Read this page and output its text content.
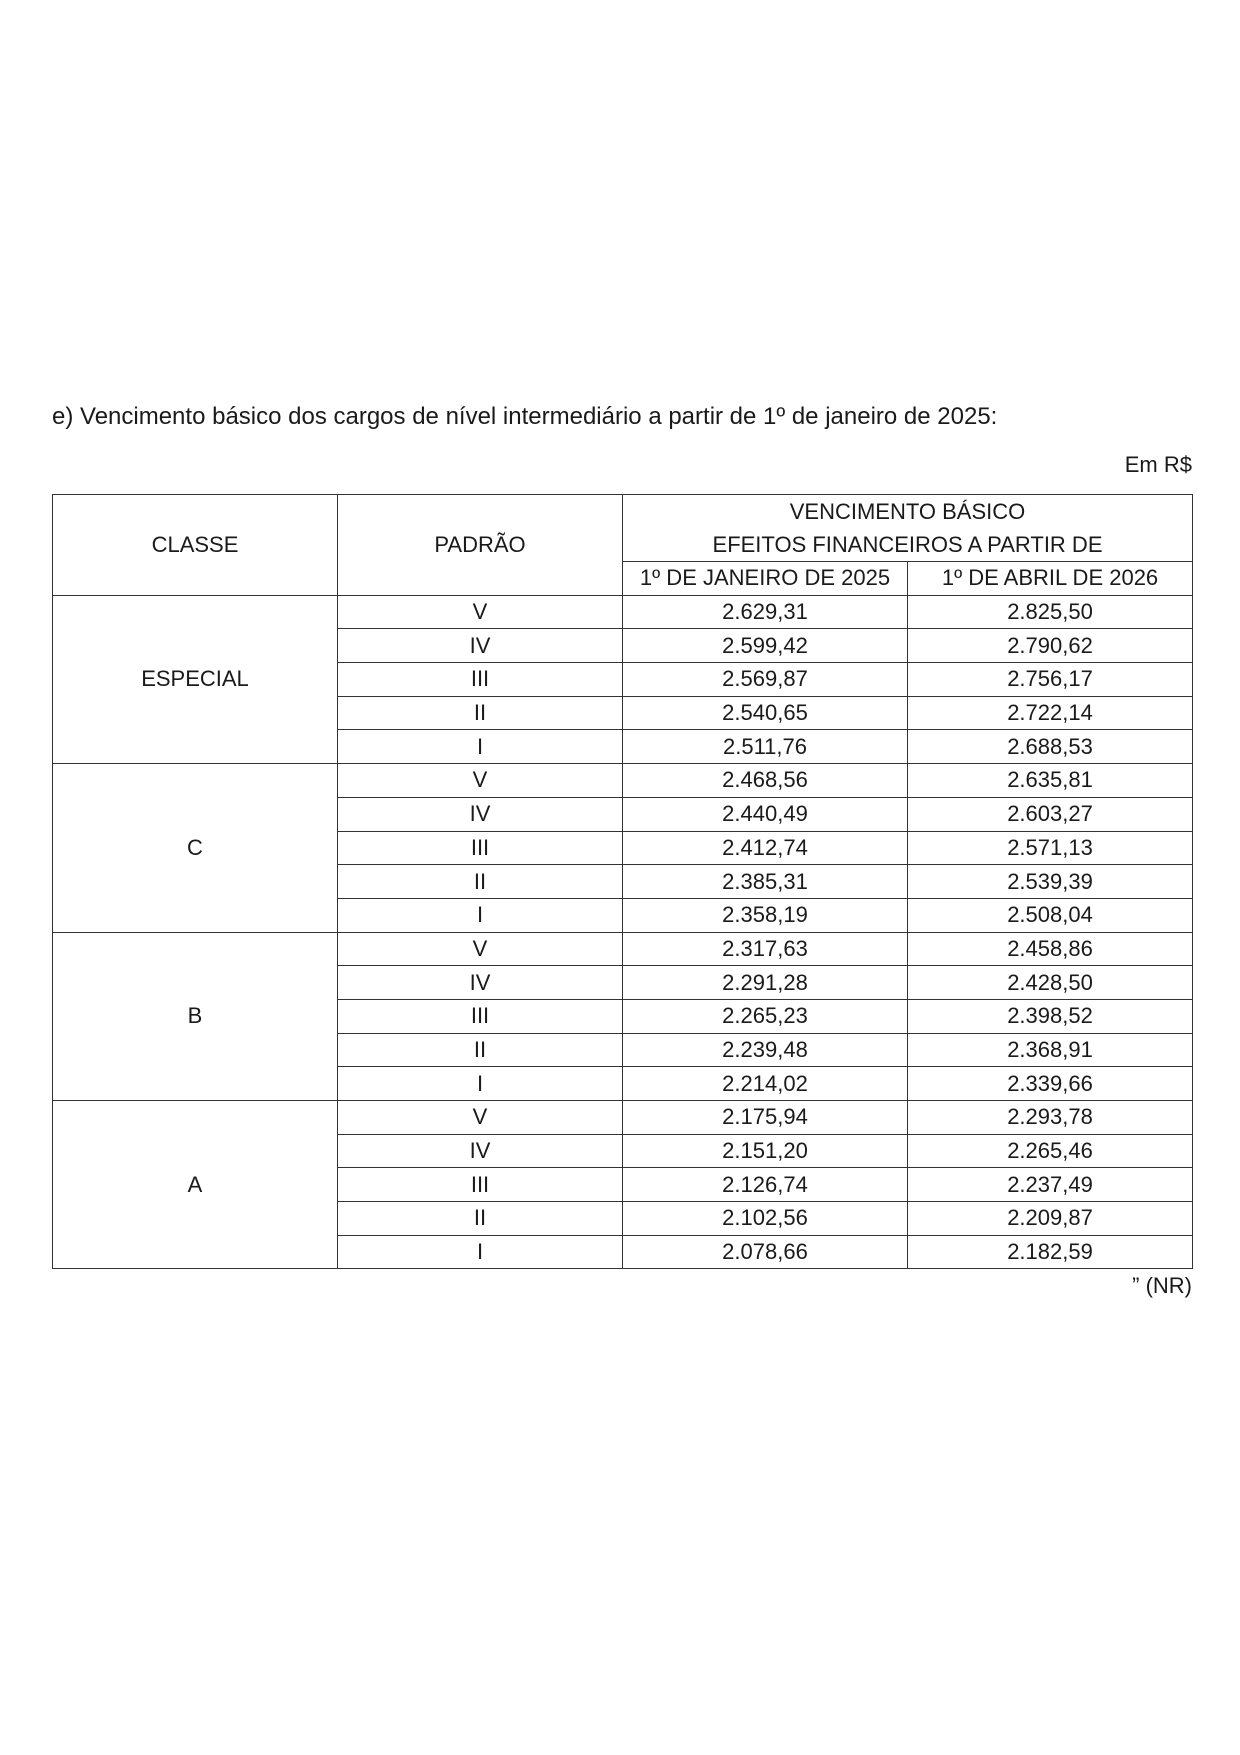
e) Vencimento básico dos cargos de nível intermediário a partir de 1º de janeiro de 2025:
Em R$
CLASSE	PADRÃO	VENCIMENTO BÁSICO
EFEITOS FINANCEIROS A PARTIR DE	

		1º DE JANEIRO DE 2025	1º DE ABRIL DE 2026
ESPECIAL	V	2.629,31	2.825,50
	IV	2.599,42	2.790,62
	III	2.569,87	2.756,17
	II	2.540,65	2.722,14
	I	2.511,76	2.688,53
C	V	2.468,56	2.635,81
	IV	2.440,49	2.603,27
	III	2.412,74	2.571,13
	II	2.385,31	2.539,39
	I	2.358,19	2.508,04
B	V	2.317,63	2.458,86
	IV	2.291,28	2.428,50
	III	2.265,23	2.398,52
	II	2.239,48	2.368,91
	I	2.214,02	2.339,66
A	V	2.175,94	2.293,78
	IV	2.151,20	2.265,46
	III	2.126,74	2.237,49
	II	2.102,56	2.209,87
	I	2.078,66	2.182,59
” (NR)
